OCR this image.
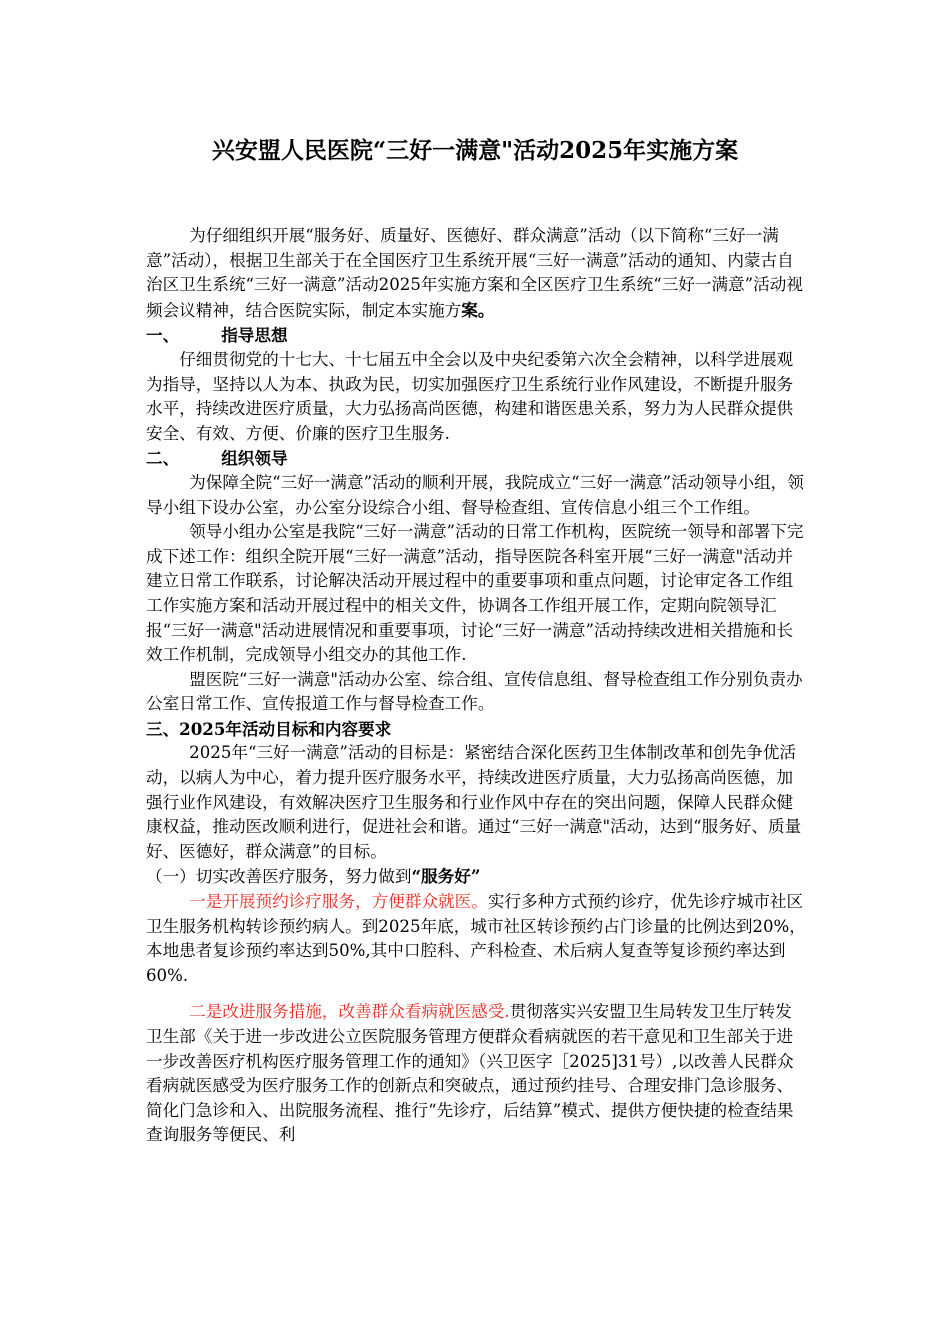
兴安盟人民医院“三好一满意"活动2025年实施方案

为仔细组织开展“服务好、质量好、医德好、群众满意”活动（以下简称“三好一满意”活动），根据卫生部关于在全国医疗卫生系统开展“三好一满意”活动的通知、内蒙古自治区卫生系统“三好一满意”活动2025年实施方案和全区医疗卫生系统“三好一满意”活动视频会议精神，结合医院实际，制定本实施方案。

一、	指导思想

仔细贯彻党的十七大、十七届五中全会以及中央纪委第六次全会精神，以科学进展观为指导，坚持以人为本、执政为民，切实加强医疗卫生系统行业作风建设，不断提升服务水平，持续改进医疗质量，大力弘扬高尚医德，构建和谐医患关系，努力为人民群众提供安全、有效、方便、价廉的医疗卫生服务.

二、	组织领导

为保障全院“三好一满意”活动的顺利开展，我院成立“三好一满意”活动领导小组，领导小组下设办公室，办公室分设综合小组、督导检查组、宣传信息小组三个工作组。

领导小组办公室是我院“三好一满意”活动的日常工作机构，医院统一领导和部署下完成下述工作：组织全院开展“三好一满意”活动，指导医院各科室开展“三好一满意"活动并建立日常工作联系，讨论解决活动开展过程中的重要事项和重点问题，讨论审定各工作组工作实施方案和活动开展过程中的相关文件，协调各工作组开展工作，定期向院领导汇报“三好一满意"活动进展情况和重要事项，讨论“三好一满意”活动持续改进相关措施和长效工作机制，完成领导小组交办的其他工作.

盟医院“三好一满意"活动办公室、综合组、宣传信息组、督导检查组工作分别负责办公室日常工作、宣传报道工作与督导检查工作。

三、2025年活动目标和内容要求

2025年“三好一满意”活动的目标是：紧密结合深化医药卫生体制改革和创先争优活动，以病人为中心，着力提升医疗服务水平，持续改进医疗质量，大力弘扬高尚医德，加强行业作风建设，有效解决医疗卫生服务和行业作风中存在的突出问题，保障人民群众健康权益，推动医改顺利进行，促进社会和谐。通过“三好一满意"活动，达到“服务好、质量好、医德好，群众满意”的目标。

（一）切实改善医疗服务，努力做到“服务好”

一是开展预约诊疗服务，方便群众就医。实行多种方式预约诊疗，优先诊疗城市社区卫生服务机构转诊预约病人。到2025年底，城市社区转诊预约占门诊量的比例达到20%，本地患者复诊预约率达到50%,其中口腔科、产科检查、术后病人复查等复诊预约率达到60%.

二是改进服务措施，改善群众看病就医感受.贯彻落实兴安盟卫生局转发卫生厅转发卫生部《关于进一步改进公立医院服务管理方便群众看病就医的若干意见和卫生部关于进一步改善医疗机构医疗服务管理工作的通知》（兴卫医字［2025]31号）,以改善人民群众看病就医感受为医疗服务工作的创新点和突破点，通过预约挂号、合理安排门急诊服务、简化门急诊和入、出院服务流程、推行“先诊疗，后结算”模式、提供方便快捷的检查结果查询服务等便民、利
